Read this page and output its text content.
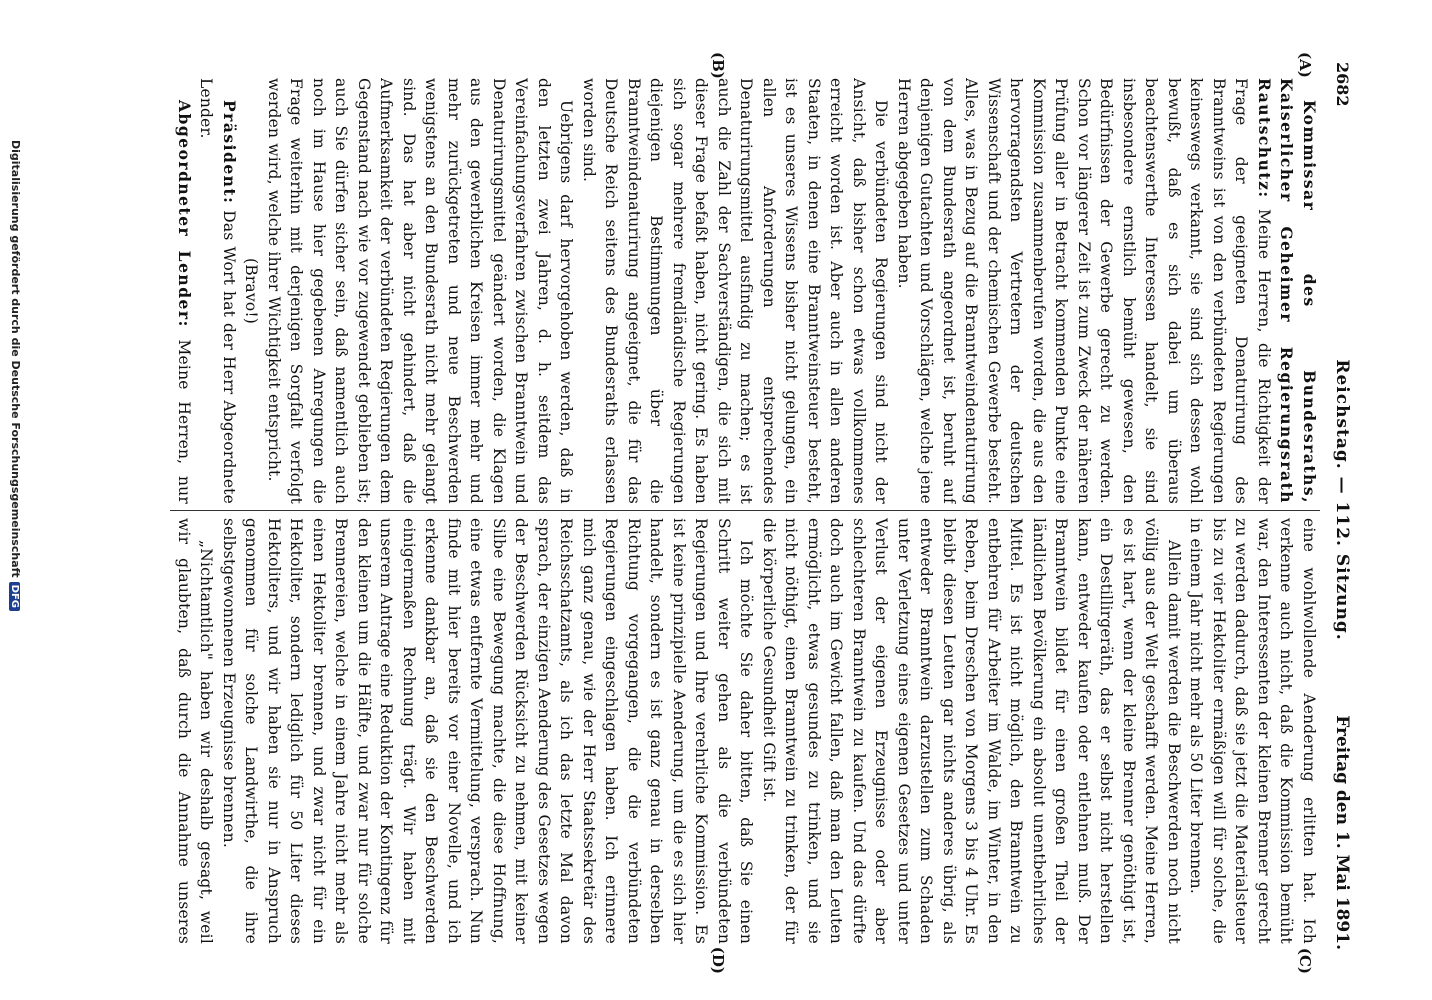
2682
Reichstag. — 112. Sitzung.
Freitag den 1. Mai 1891.
(A)
(B)
(C)
(D)

Kommissar des Bundesraths, Kaiserlicher Geheimer Regierungsrath Rautschutz: Meine Herren, die Richtigkeit der Frage der geeigneten Denaturirung des Branntweins ist von den verbündeten Regierungen keineswegs verkannt, sie sind sich dessen wohl bewußt, daß es sich dabei um überaus beachtenswerthe Interessen handelt, sie sind insbesondere ernstlich bemüht gewesen, den Bedürfnissen der Gewerbe gerecht zu werden. Schon vor längerer Zeit ist zum Zweck der näheren Prüfung aller in Betracht kommenden Punkte eine Kommission zusammenberufen worden, die aus den hervorragendsten Vertretern der deutschen Wissenschaft und der chemischen Gewerbe besteht. Alles, was in Bezug auf die Branntweindenaturirung von dem Bundesrath angeordnet ist, beruht auf denjenigen Gutachten und Vorschlägen, welche jene Herren abgegeben haben.

Die verbündeten Regierungen sind nicht der Ansicht, daß bisher schon etwas vollkommenes erreicht worden ist. Aber auch in allen anderen Staaten, in denen eine Branntweinsteuer besteht, ist es unseres Wissens bisher nicht gelungen, ein allen Anforderungen entsprechendes Denaturirungsmittel ausfindig zu machen; es ist auch die Zahl der Sachverständigen, die sich mit dieser Frage befaßt haben, nicht gering. Es haben sich sogar mehrere fremdländische Regierungen diejenigen Bestimmungen über die Branntweindenaturirung angeeignet, die für das Deutsche Reich seitens des Bundesraths erlassen worden sind.

Uebrigens darf hervorgehoben werden, daß in den letzten zwei Jahren, d. h. seitdem das Vereinfachungsverfahren zwischen Branntwein und Denaturirungsmittel geändert worden, die Klagen aus den gewerblichen Kreisen immer mehr und mehr zurückgetreten und neue Beschwerden wenigstens an den Bundesrath nicht mehr gelangt sind. Das hat aber nicht gehindert, daß die Aufmerksamkeit der verbündeten Regierungen dem Gegenstand nach wie vor zugewendet geblieben ist; auch Sie dürfen sicher sein, daß namentlich auch noch im Hause hier gegebenen Anregungen die Frage weiterhin mit derjenigen Sorgfalt verfolgt werden wird, welche ihrer Wichtigkeit entspricht.

(Bravo!)

Präsident: Das Wort hat der Herr Abgeordnete Lender.

Abgeordneter Lender: Meine Herren, nur

eine wohlwollende Aenderung erlitten hat. Ich verkenne auch nicht, daß die Kommission bemüht war, den Interessenten der kleinen Brenner gerecht zu werden dadurch, daß sie jetzt die Materialsteuer bis zu vier Hektoliter ermäßigen will für solche, die in einem Jahr nicht mehr als 50 Liter brennen.

Allein damit werden die Beschwerden noch nicht völlig aus der Welt geschafft werden. Meine Herren, es ist hart, wenn der kleine Brenner genöthigt ist, ein Destillirgeräth, das er selbst nicht herstellen kann, entweder kaufen oder entlehnen muß. Der Branntwein bildet für einen großen Theil der ländlichen Bevölkerung ein absolut unentbehrliches Mittel. Es ist nicht möglich, den Branntwein zu entbehren für Arbeiter im Walde, im Winter, in den Reben, beim Dreschen von Morgens 3 bis 4 Uhr. Es bleibt diesen Leuten gar nichts anderes übrig, als entweder Branntwein darzustellen zum Schaden unter Verletzung eines eigenen Gesetzes und unter Verlust der eigenen Erzeugnisse oder aber schlechteren Branntwein zu kaufen. Und das dürfte doch auch im Gewicht fallen, daß man den Leuten ermöglicht, etwas gesundes zu trinken, und sie nicht nöthigt, einen Branntwein zu trinken, der für die körperliche Gesundheit Gift ist.

Ich möchte Sie daher bitten, daß Sie einen Schritt weiter gehen als die verbündeten Regierungen und Ihre verehrliche Kommission. Es ist keine prinzipielle Aenderung, um die es sich hier handelt, sondern es ist ganz genau in derselben Richtung vorgegangen, die die verbündeten Regierungen eingeschlagen haben. Ich erinnere mich ganz genau, wie der Herr Staatssekretär des Reichsschatzamts, als ich das letzte Mal davon sprach, der einzigen Aenderung des Gesetzes wegen der Beschwerden Rücksicht zu nehmen, mit keiner Silbe eine Bewegung machte, die diese Hoffnung, eine etwas entfernte Vermittelung, versprach. Nun finde mit hier bereits vor einer Novelle, und ich erkenne dankbar an, daß sie den Beschwerden einigermaßen Rechnung trägt. Wir haben mit unserem Antrage eine Reduktion der Kontingenz für den kleinen um die Hälfte, und zwar nur für solche Brennereien, welche in einem Jahre nicht mehr als einen Hektoliter brennen, und zwar nicht für ein Hektoliter, sondern lediglich für 50 Liter dieses Hektoliters, und wir haben sie nur in Anspruch genommen für solche Landwirthe, die ihre selbstgewonnenen Erzeugnisse brennen.

„Nichtamtlich" haben wir deshalb gesagt, weil wir glaubten, daß durch die Annahme unseres

Digitalisierung gefördert durch die Deutsche ForschungsgemeinschaftDFG
